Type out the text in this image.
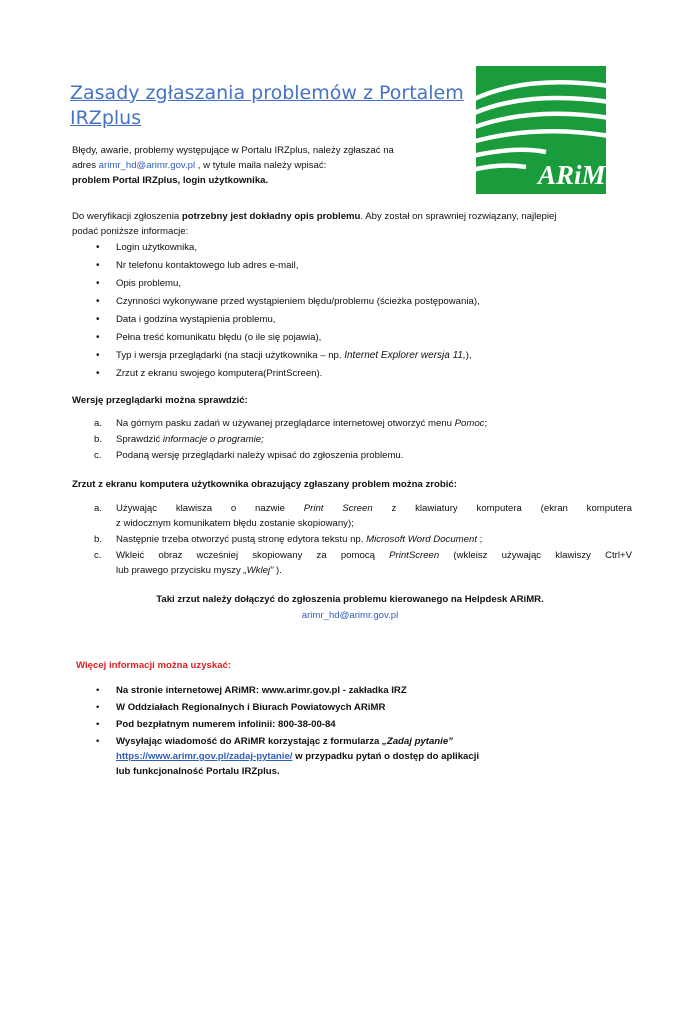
Zasady zgłaszania problemów z Portalem
IRZplus
ARiMR
Błędy, awarie, problemy występujące w Portalu IRZplus, należy zgłaszać na
adres arimr_hd@arimr.gov.pl , w tytule maila należy wpisać:
problem Portal IRZplus, login użytkownika.
Do weryfikacji zgłoszenia potrzebny jest dokładny opis problemu. Aby został on sprawniej rozwiązany, najlepiej
podać poniższe informacje:
• Login użytkownika,
• Nr telefonu kontaktowego lub adres e-mail,
• Opis problemu,
• Czynności wykonywane przed wystąpieniem błędu/problemu (ścieżka postępowania),
• Data i godzina wystąpienia problemu,
• Pełna treść komunikatu błędu (o ile się pojawia),
• Typ i wersja przeglądarki (na stacji użytkownika – np. Internet Explorer wersja 11,),
• Zrzut z ekranu swojego komputera(PrintScreen).
Wersję przeglądarki można sprawdzić:
a. Na górnym pasku zadań w używanej przeglądarce internetowej otworzyć menu Pomoc;
b. Sprawdzić informacje o programie;
c. Podaną wersję przeglądarki należy wpisać do zgłoszenia problemu.
Zrzut z ekranu komputera użytkownika obrazujący zgłaszany problem można zrobić:
a. Używając klawisza o nazwie Print Screen z klawiatury komputera (ekran komputera
z widocznym komunikatem błędu zostanie skopiowany);
b. Następnie trzeba otworzyć pustą stronę edytora tekstu np. Microsoft Word Document ;
c. Wkleić obraz wcześniej skopiowany za pomocą PrintScreen (wkleisz używając klawiszy Ctrl+V
lub prawego przycisku myszy „Wklej” ).
Taki zrzut należy dołączyć do zgłoszenia problemu kierowanego na Helpdesk ARiMR.
arimr_hd@arimr.gov.pl
Więcej informacji można uzyskać:
• Na stronie internetowej ARiMR: www.arimr.gov.pl - zakładka IRZ
• W Oddziałach Regionalnych i Biurach Powiatowych ARiMR
• Pod bezpłatnym numerem infolinii: 800-38-00-84
• Wysyłając wiadomość do ARiMR korzystając z formularza „Zadaj pytanie”
https://www.arimr.gov.pl/zadaj-pytanie/ w przypadku pytań o dostęp do aplikacji
lub funkcjonalność Portalu IRZplus.
